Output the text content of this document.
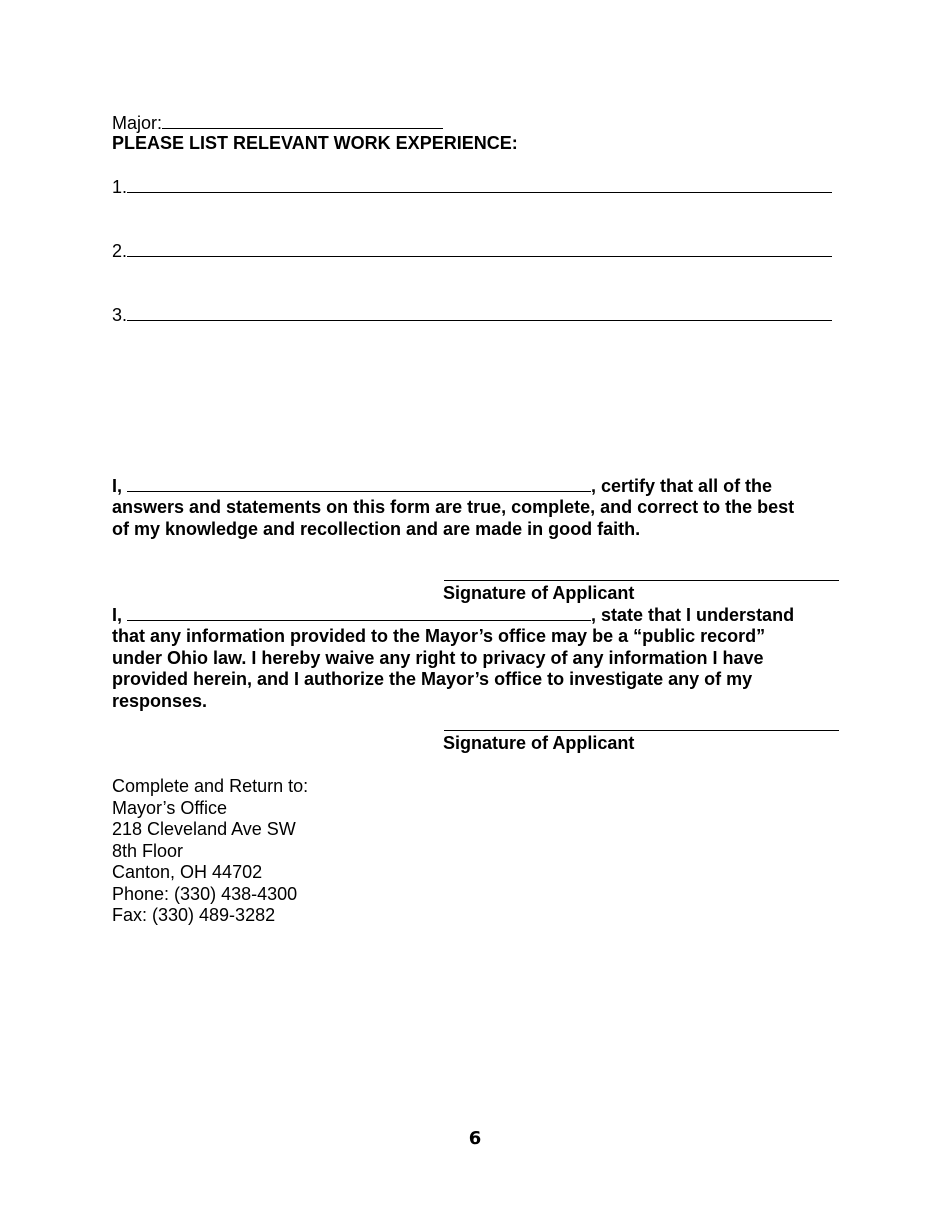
Major:
PLEASE LIST RELEVANT WORK EXPERIENCE:
1.
2.
3.
I,	, certify that all of the
answers and statements on this form are true, complete, and correct to the best
of my knowledge and recollection and are made in good faith.
Signature of Applicant
I,	, state that I understand
that any information provided to the Mayor’s office may be a “public record”
under Ohio law. I hereby waive any right to privacy of any information I have
provided herein, and I authorize the Mayor’s office to investigate any of my
responses.
Signature of Applicant
Complete and Return to:
Mayor’s Office
218 Cleveland Ave SW
8th Floor
Canton, OH 44702
Phone: (330) 438-4300
Fax: (330) 489-3282
6
